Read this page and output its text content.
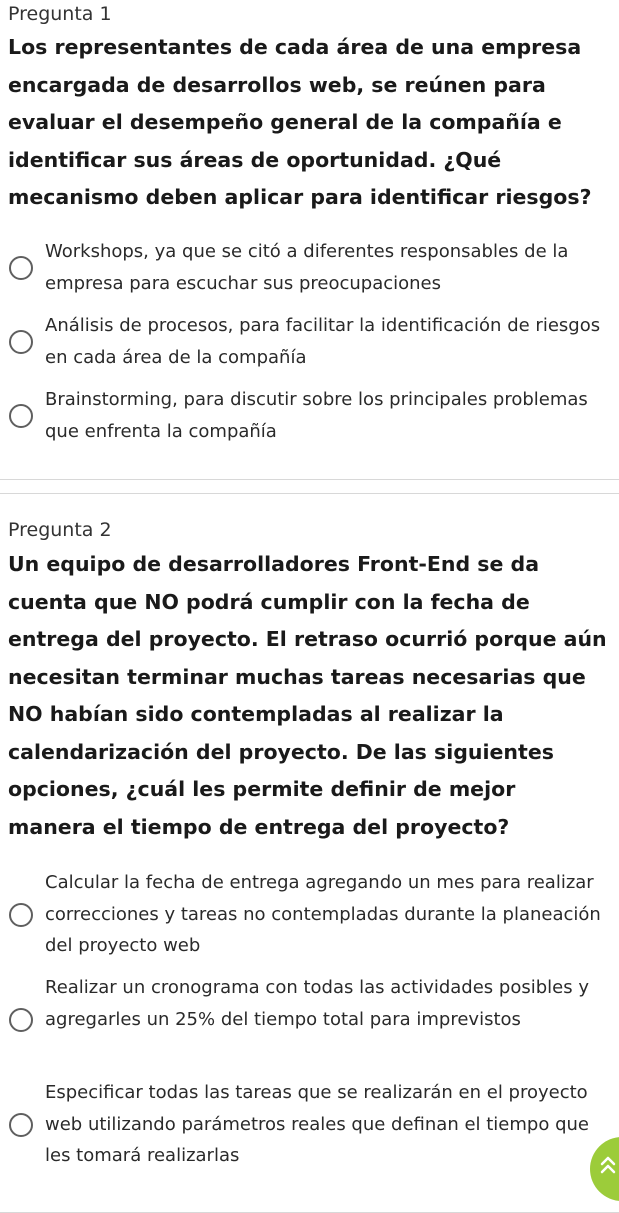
Pregunta 1
Los representantes de cada área de una empresa encargada de desarrollos web, se reúnen para evaluar el desempeño general de la compañía e identificar sus áreas de oportunidad. ¿Qué mecanismo deben aplicar para identificar riesgos?
Workshops, ya que se citó a diferentes responsables de la empresa para escuchar sus preocupaciones
Análisis de procesos, para facilitar la identificación de riesgos en cada área de la compañía
Brainstorming, para discutir sobre los principales problemas que enfrenta la compañía
Pregunta 2
Un equipo de desarrolladores Front-End se da cuenta que NO podrá cumplir con la fecha de entrega del proyecto. El retraso ocurrió porque aún necesitan terminar muchas tareas necesarias que NO habían sido contempladas al realizar la calendarización del proyecto. De las siguientes opciones, ¿cuál les permite definir de mejor manera el tiempo de entrega del proyecto?
Calcular la fecha de entrega agregando un mes para realizar correcciones y tareas no contempladas durante la planeación del proyecto web
Realizar un cronograma con todas las actividades posibles y agregarles un 25% del tiempo total para imprevistos
Especificar todas las tareas que se realizarán en el proyecto web utilizando parámetros reales que definan el tiempo que les tomará realizarlas
